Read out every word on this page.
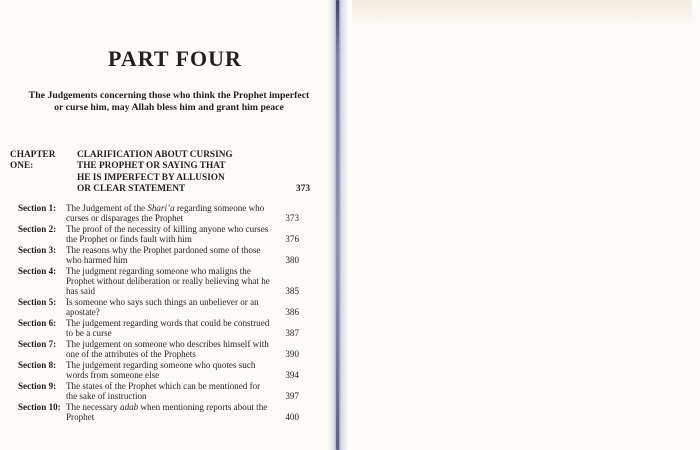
PART FOUR
The Judgements concerning those who think the Prophet imperfect
or curse him, may Allah bless him and grant him peace
CHAPTER ONE:
CLARIFICATION ABOUT CURSING
THE PROPHET OR SAYING THAT
HE IS IMPERFECT BY ALLUSION
OR CLEAR STATEMENT	373
Section 1:	The Judgement of the Shari’a regarding someone who curses or disparages the Prophet	373
Section 2:	The proof of the necessity of killing anyone who curses the Prophet or finds fault with him	376
Section 3:	The reasons why the Prophet pardoned some of those who harmed him	380
Section 4:	The judgment regarding someone who maligns the Prophet without deliberation or really believing what he has said	385
Section 5:	Is someone who says such things an unbeliever or an apostate?	386
Section 6:	The judgement regarding words that could be construed to be a curse	387
Section 7:	The judgement on someone who describes himself with one of the attributes of the Prophets	390
Section 8:	The judgement regarding someone who quotes such words from someone else	394
Section 9:	The states of the Prophet which can be mentioned for the sake of instruction	397
Section 10: The necessary adab when mentioning reports about the Prophet	400
